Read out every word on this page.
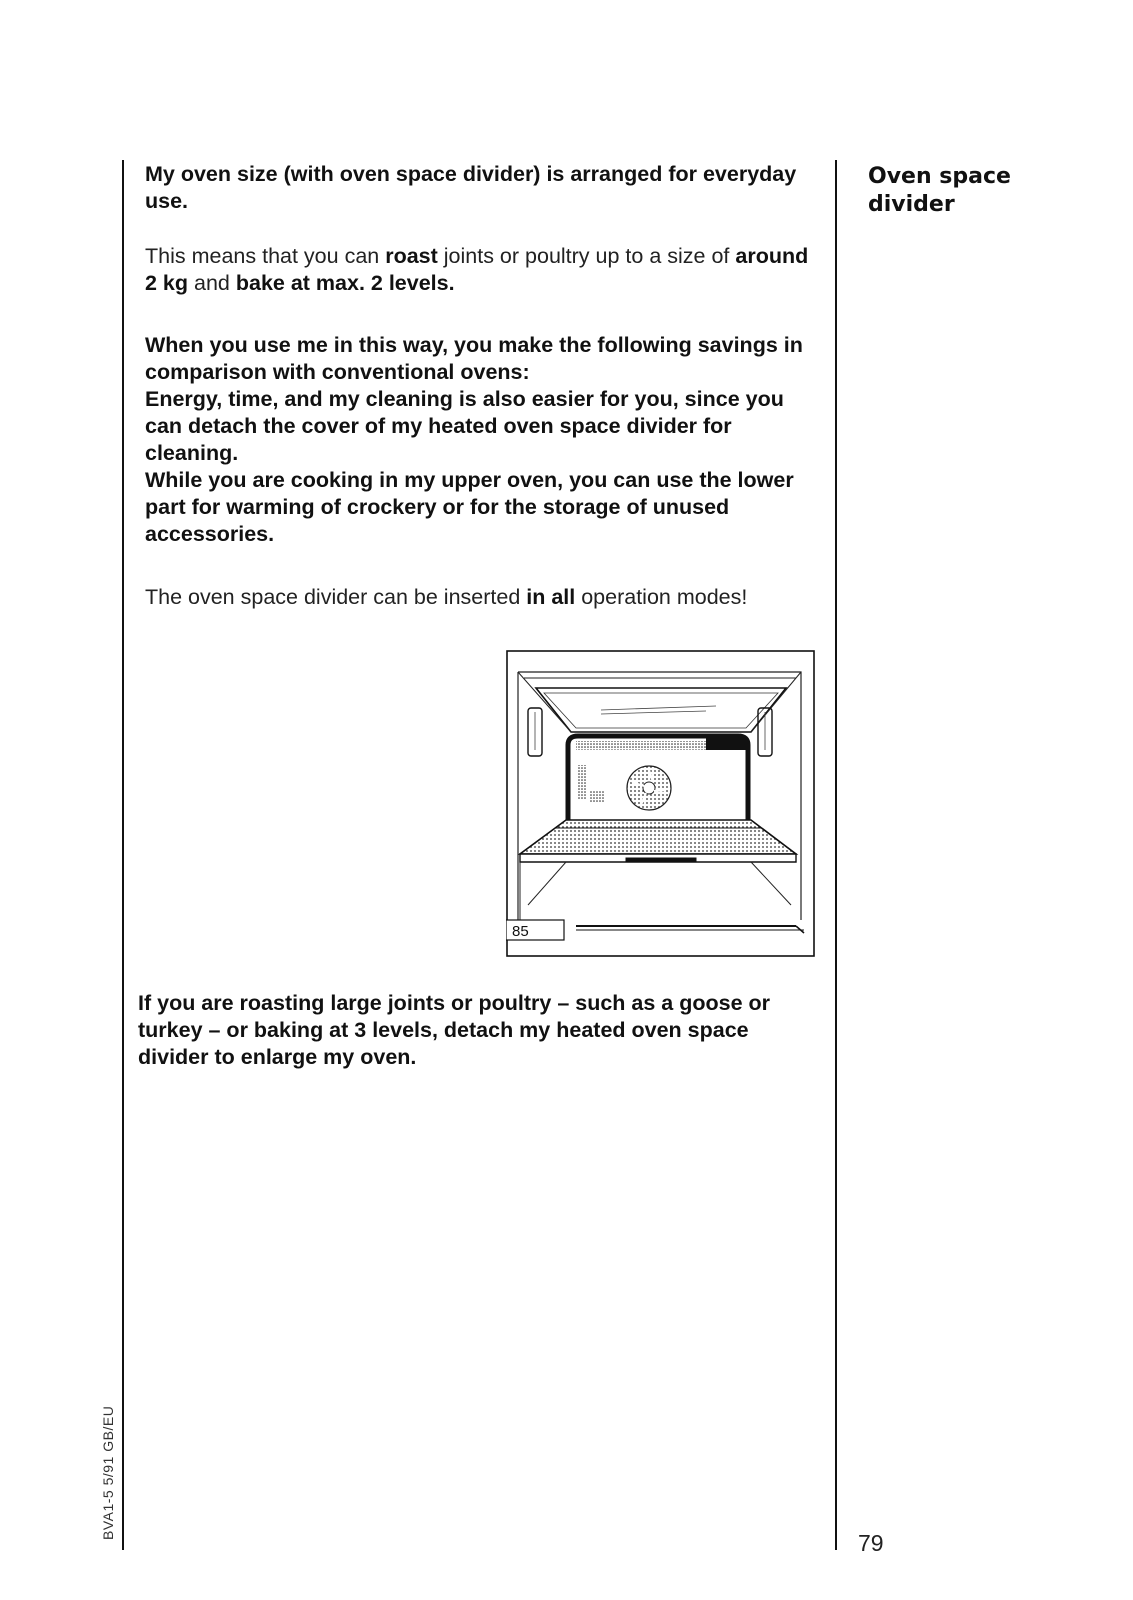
Oven space divider

My oven size (with oven space divider) is arranged for everyday use.

This means that you can roast joints or poultry up to a size of around 2 kg and bake at max. 2 levels.

When you use me in this way, you make the following savings in comparison with conventional ovens:

Energy, time, and my cleaning is also easier for you, since you can detach the cover of my heated oven space divider for cleaning.

While you are cooking in my upper oven, you can use the lower part for warming of crockery or for the storage of unused accessories.

The oven space divider can be inserted in all operation modes!

85

If you are roasting large joints or poultry – such as a goose or turkey – or baking at 3 levels, detach my heated oven space divider to enlarge my oven.

79
BVA1-5 5/91 GB/EU
